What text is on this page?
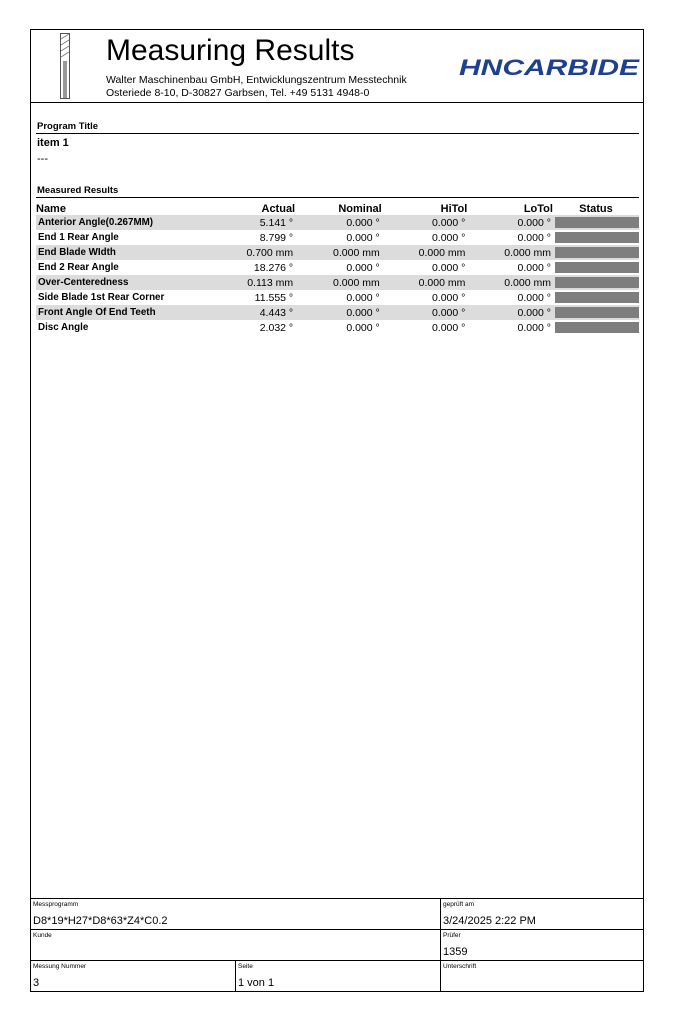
Measuring Results
Walter Maschinenbau GmbH, Entwicklungszentrum Messtechnik
Osteriede 8-10, D-30827 Garbsen, Tel. +49 5131 4948-0
HNCARBIDE
Program Title
item 1
---
Measured Results
Name	Actual	Nominal	HiTol	LoTol	Status
Anterior Angle(0.267MM)	5.141 °	0.000 °	0.000 °	0.000 °	

End 1 Rear Angle	8.799 °	0.000 °	0.000 °	0.000 °	

End Blade WIdth	0.700 mm	0.000 mm	0.000 mm	0.000 mm	

End 2 Rear Angle	18.276 °	0.000 °	0.000 °	0.000 °	

Over-Centeredness	0.113 mm	0.000 mm	0.000 mm	0.000 mm	

Side Blade 1st Rear Corner	11.555 °	0.000 °	0.000 °	0.000 °	

Front Angle Of End Teeth	4.443 °	0.000 °	0.000 °	0.000 °	

Disc Angle	2.032 °	0.000 °	0.000 °	0.000 °	
Messprogramm
D8*19*H27*D8*63*Z4*C0.2
geprüft am
3/24/2025 2:22 PM
Kunde	Prüfer
1359
Messung Nummer
3
Seite
1 von 1
Unterschrift
